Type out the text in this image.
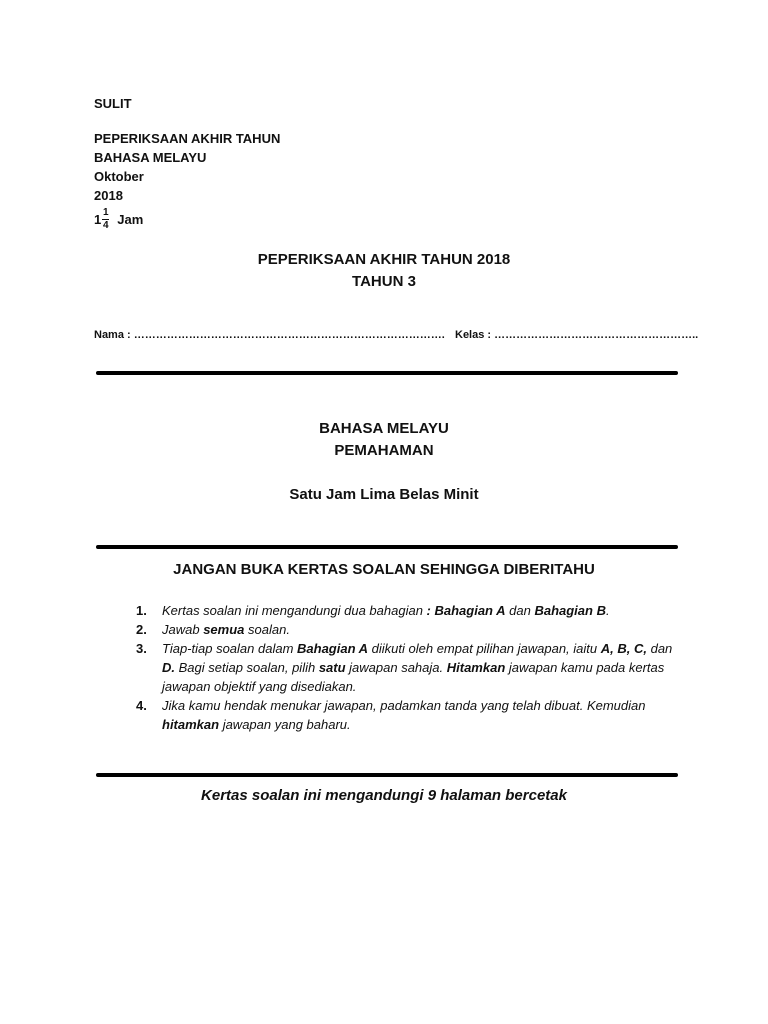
SULIT
PEPERIKSAAN AKHIR TAHUN
BAHASA MELAYU
Oktober
2018
1 1
4 Jam
PEPERIKSAAN AKHIR TAHUN 2018
TAHUN 3
Nama : …………………………………………………………………………. Kelas : ………………………………………………..
BAHASA MELAYU
PEMAHAMAN
Satu Jam Lima Belas Minit
JANGAN BUKA KERTAS SOALAN SEHINGGA DIBERITAHU
1.	Kertas soalan ini mengandungi dua bahagian : Bahagian A dan Bahagian B.
2.	Jawab semua soalan.
3.	Tiap-tiap soalan dalam Bahagian A diikuti oleh empat pilihan jawapan, iaitu A, B, C, dan D. Bagi setiap soalan, pilih satu jawapan sahaja. Hitamkan jawapan kamu pada kertas jawapan objektif yang disediakan.
4.	Jika kamu hendak menukar jawapan, padamkan tanda yang telah dibuat. Kemudian hitamkan jawapan yang baharu.
Kertas soalan ini mengandungi 9 halaman bercetak
